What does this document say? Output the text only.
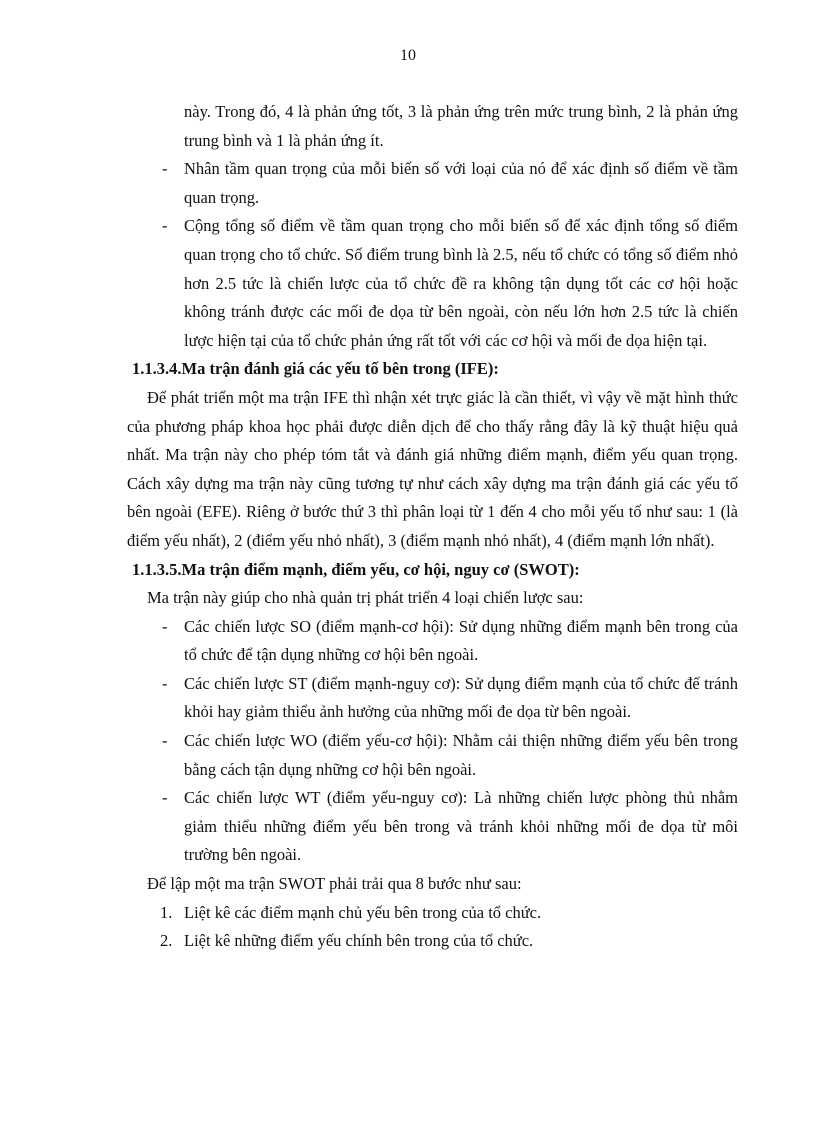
10

này. Trong đó, 4 là phản ứng tốt, 3 là phản ứng trên mức trung bình, 2 là phản ứng trung bình và 1 là phản ứng ít.

- Nhân tầm quan trọng của mỗi biến số với loại của nó để xác định số điểm về tầm quan trọng.

- Cộng tổng số điểm về tầm quan trọng cho mỗi biến số để xác định tổng số điểm quan trọng cho tổ chức. Số điểm trung bình là 2.5, nếu tổ chức có tổng số điểm nhỏ hơn 2.5 tức là chiến lược của tổ chức đề ra không tận dụng tốt các cơ hội hoặc không tránh được các mối đe dọa từ bên ngoài, còn nếu lớn hơn 2.5 tức là chiến lược hiện tại của tổ chức phản ứng rất tốt với các cơ hội và mối đe dọa hiện tại.

1.1.3.4.Ma trận đánh giá các yếu tố bên trong (IFE):

Để phát triển một ma trận IFE thì nhận xét trực giác là cần thiết, vì vậy về mặt hình thức của phương pháp khoa học phải được diễn dịch để cho thấy rằng đây là kỹ thuật hiệu quả nhất. Ma trận này cho phép tóm tắt và đánh giá những điểm mạnh, điểm yếu quan trọng. Cách xây dựng ma trận này cũng tương tự như cách xây dựng ma trận đánh giá các yếu tố bên ngoài (EFE). Riêng ở bước thứ 3 thì phân loại từ 1 đến 4 cho mỗi yếu tố như sau: 1 (là điểm yếu nhất), 2 (điểm yếu nhỏ nhất), 3 (điểm mạnh nhỏ nhất), 4 (điểm mạnh lớn nhất).

1.1.3.5.Ma trận điểm mạnh, điểm yếu, cơ hội, nguy cơ (SWOT):

Ma trận này giúp cho nhà quản trị phát triển 4 loại chiến lược sau:

- Các chiến lược SO (điểm mạnh-cơ hội): Sử dụng những điểm mạnh bên trong của tổ chức để tận dụng những cơ hội bên ngoài.

- Các chiến lược ST (điểm mạnh-nguy cơ): Sử dụng điểm mạnh của tổ chức để tránh khỏi hay giảm thiểu ảnh hưởng của những mối đe dọa từ bên ngoài.

- Các chiến lược WO (điểm yếu-cơ hội): Nhằm cải thiện những điểm yếu bên trong bằng cách tận dụng những cơ hội bên ngoài.

- Các chiến lược WT (điểm yếu-nguy cơ): Là những chiến lược phòng thủ nhằm giảm thiểu những điểm yếu bên trong và tránh khỏi những mối đe dọa từ môi trường bên ngoài.

Để lập một ma trận SWOT phải trải qua 8 bước như sau:

1. Liệt kê các điểm mạnh chủ yếu bên trong của tổ chức.

2. Liệt kê những điểm yếu chính bên trong của tổ chức.
